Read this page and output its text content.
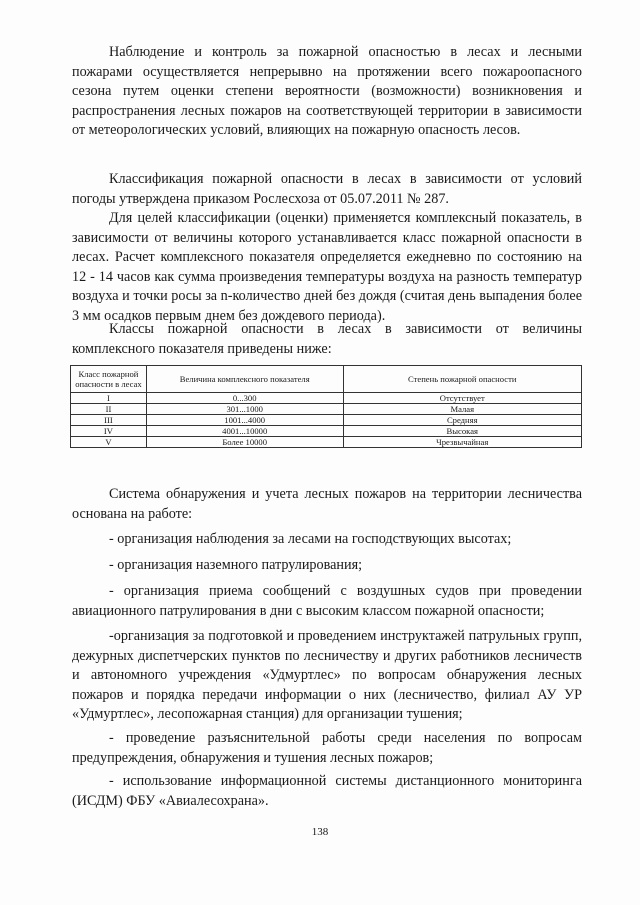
Наблюдение и контроль за пожарной опасностью в лесах и лесными пожарами осуществляется непрерывно на протяжении всего пожароопасного сезона путем оценки степени вероятности (возможности) возникновения и распространения лесных пожаров на соответствующей территории в зависимости от метеорологических условий, влияющих на пожарную опасность лесов.

Классификация пожарной опасности в лесах в зависимости от условий погоды утверждена приказом Рослесхоза от 05.07.2011 № 287.

Для целей классификации (оценки) применяется комплексный показатель, в зависимости от величины которого устанавливается класс пожарной опасности в лесах. Расчет комплексного показателя определяется ежедневно по состоянию на 12 - 14 часов как сумма произведения температуры воздуха на разность температур воздуха и точки росы за n-количество дней без дождя (считая день выпадения более 3 мм осадков первым днем без дождевого периода).

Классы пожарной опасности в лесах в зависимости от величины комплексного показателя приведены ниже:

Класс пожарной опасности в лесах	Величина комплексного показателя	Степень пожарной опасности
I	0...300	Отсутствует
II	301...1000	Малая
III	1001...4000	Средняя
IV	4001...10000	Высокая
V	Более 10000	Чрезвычайная

Система обнаружения и учета лесных пожаров на территории лесничества основана на работе:

- организация наблюдения за лесами на господствующих высотах;

- организация наземного патрулирования;

- организация приема сообщений с воздушных судов при проведении авиационного патрулирования в дни с высоким классом пожарной опасности;

-организация за подготовкой и проведением инструктажей патрульных групп, дежурных диспетчерских пунктов по лесничеству и других работников лесничеств и автономного учреждения «Удмуртлес» по вопросам обнаружения лесных пожаров и порядка передачи информации о них (лесничество, филиал АУ УР «Удмуртлес», лесопожарная станция) для организации тушения;

- проведение разъяснительной работы среди населения по вопросам предупреждения, обнаружения и тушения лесных пожаров;

- использование информационной системы дистанционного мониторинга (ИСДМ) ФБУ «Авиалесохрана».

138
